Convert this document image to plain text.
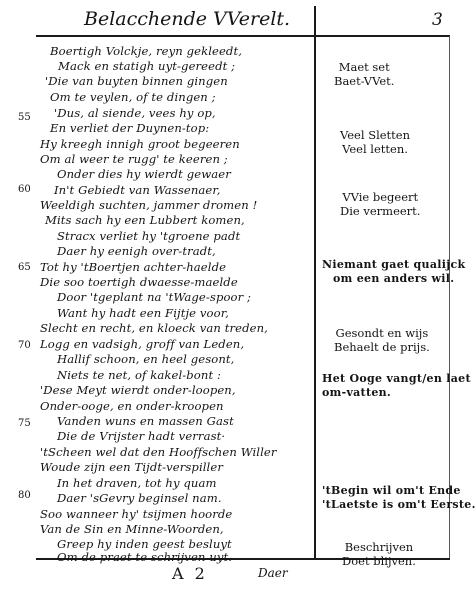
Belacchende VVerelt.	3
55
60
65
70
75
80
Boertigh Volckje, reyn gekleedt,
Mack en statigh uyt-gereedt ;
'Die van buyten binnen gingen
Om te veylen, of te dingen ;
'Dus, al siende, vees hy op,
En verliet der Duynen-top:
Hy kreegh innigh groot begeeren
Om al weer te rugg' te keeren ;
Onder dies hy wierdt gewaer
In't Gebiedt van Wassenaer,
Weeldigh suchten, jammer dromen !
Mits sach hy een Lubbert komen,
Stracx verliet hy 'tgroene padt
Daer hy eenigh over-tradt,
Tot hy 'tBoertjen achter-haelde
Die soo toertigh dwaesse-maelde
Door 'tgeplant na 'tWage-spoor ;
Want hy hadt een Fijtje voor,
Slecht en recht, en kloeck van treden,
Logg en vadsigh, groff van Leden,
Hallif schoon, en heel gesont,
Niets te net, of kakel-bont :
'Dese Meyt wierdt onder-loopen,
Onder-ooge, en onder-kroopen
Vanden wuns en massen Gast
Die de Vrijster hadt verrast·
'tScheen wel dat den Hooffschen Willer
Woude zijn een Tijdt-verspiller
In het draven, tot hy quam
Daer 'sGevry beginsel nam.
Soo wanneer hy' tsijmen hoorde
Van de Sin en Minne-Woorden,
Greep hy inden geest besluyt
Om de praet te schrijven uyt.
Maet set
Baet-VVet.
Veel Sletten
Veel letten.
VVie begeert
Die vermeert.
Niemant gaet qualijck
om een anders wil.
Gesondt en wijs
Behaelt de prijs.
Het Ooge vangt/en laet
om-vatten.
'tBegin wil om't Ende
'tLaetste is om't Eerste.
Beschrijven
Doet blijven.
A 2	Daer
